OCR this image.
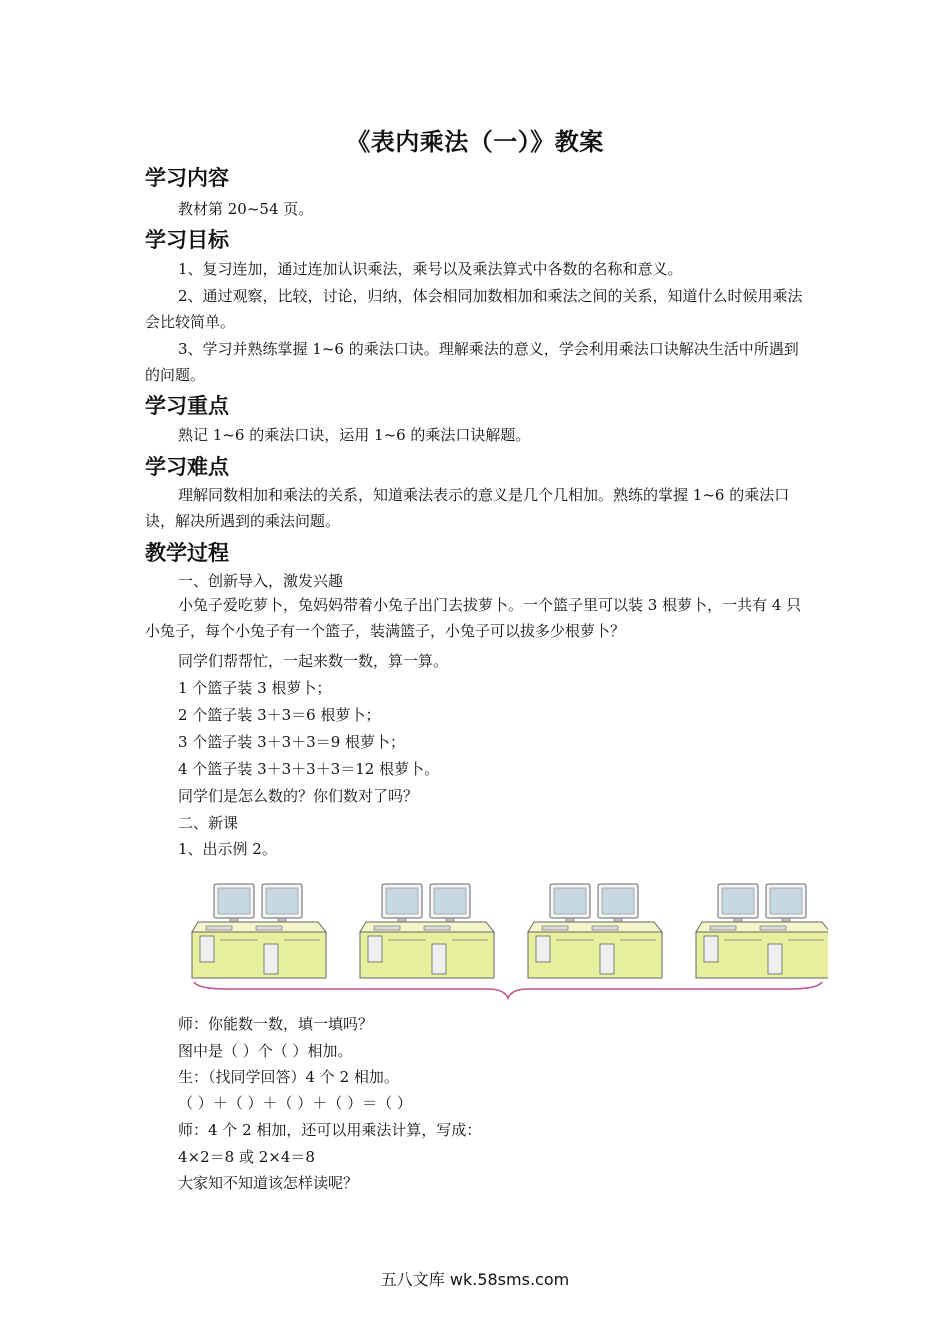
《表内乘法（一）》教案
学习内容
教材第 20~54 页。
学习目标
1、复习连加，通过连加认识乘法，乘号以及乘法算式中各数的名称和意义。
2、通过观察，比较，讨论，归纳，体会相同加数相加和乘法之间的关系，知道什么时候用乘法会比较简单。
3、学习并熟练掌握 1~6 的乘法口诀。理解乘法的意义，学会利用乘法口诀解决生活中所遇到的问题。
学习重点
熟记 1~6 的乘法口诀，运用 1~6 的乘法口诀解题。
学习难点
理解同数相加和乘法的关系，知道乘法表示的意义是几个几相加。熟练的掌握 1~6 的乘法口诀，解决所遇到的乘法问题。
教学过程
一、创新导入，激发兴趣
小兔子爱吃萝卜，兔妈妈带着小兔子出门去拔萝卜。一个篮子里可以装 3 根萝卜，一共有 4 只小兔子，每个小兔子有一个篮子，装满篮子，小兔子可以拔多少根萝卜？
同学们帮帮忙，一起来数一数，算一算。
1 个篮子装 3 根萝卜；
2 个篮子装 3＋3＝6 根萝卜；
3 个篮子装 3＋3＋3＝9 根萝卜；
4 个篮子装 3＋3＋3＋3＝12 根萝卜。
同学们是怎么数的？你们数对了吗？
二、新课
1、出示例 2。
师：你能数一数，填一填吗？
图中是（ ）个（ ）相加。
生：（找同学回答）4 个 2 相加。
（ ）＋（ ）＋（ ）＋（ ）＝（ ）
师：4 个 2 相加，还可以用乘法计算，写成：
4×2＝8 或 2×4＝8
大家知不知道该怎样读呢？
五八文库 wk.58sms.com
